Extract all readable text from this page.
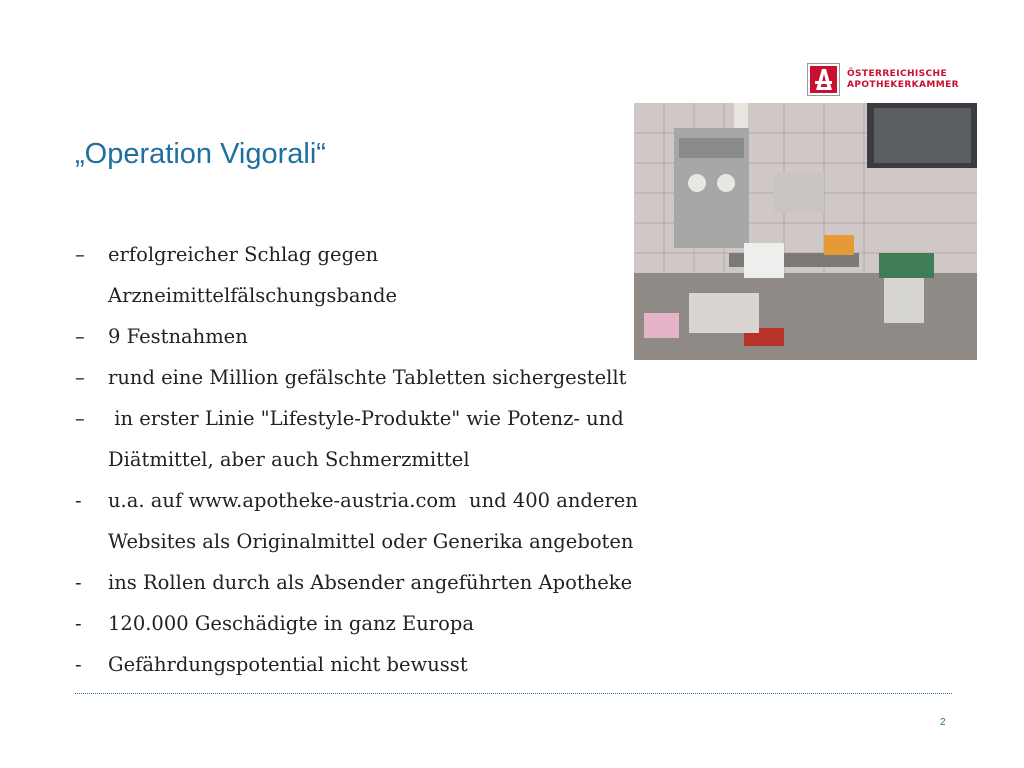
ÖSTERREICHISCHE
APOTHEKERKAMMER
„Operation Vigorali“
–	erfolgreicher Schlag gegen
Arzneimittelfälschungsbande
–	9 Festnahmen
–	rund eine Million gefälschte Tabletten sichergestellt
–	in erster Linie "Lifestyle-Produkte" wie Potenz- und
Diätmittel, aber auch Schmerzmittel
-	u.a. auf www.apotheke-austria.com  und 400 anderen
Websites als Originalmittel oder Generika angeboten
-	ins Rollen durch als Absender angeführten Apotheke
-	120.000 Geschädigte in ganz Europa
-	Gefährdungspotential nicht bewusst
2
